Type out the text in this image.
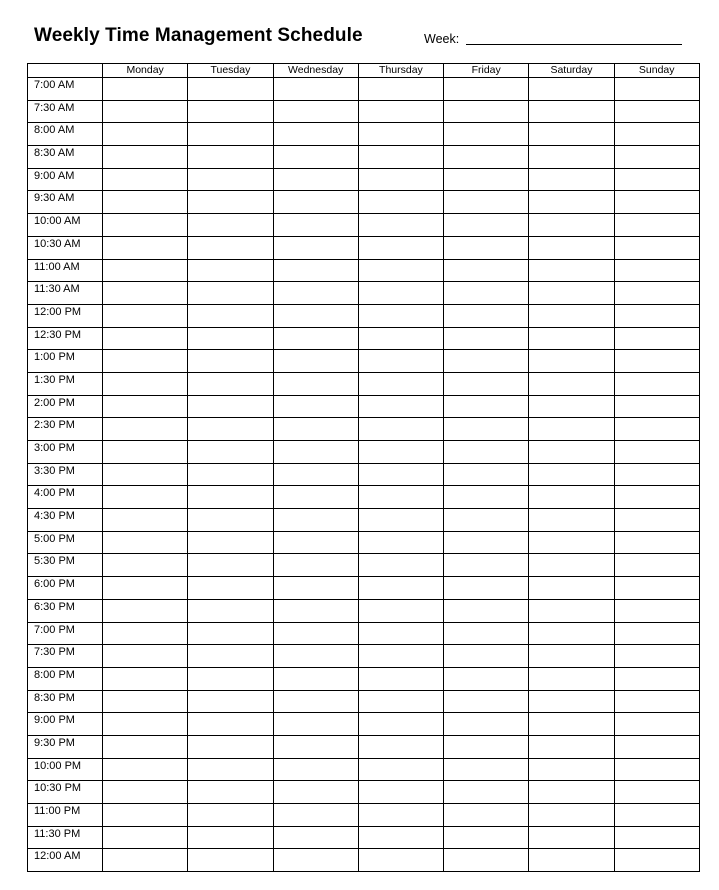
Weekly Time Management Schedule	Week:
	Monday	Tuesday	Wednesday	Thursday	Friday	Saturday	Sunday
7:00 AM							
7:30 AM							
8:00 AM							
8:30 AM							
9:00 AM							
9:30 AM							
10:00 AM							
10:30 AM							
11:00 AM							
11:30 AM							
12:00 PM							
12:30 PM							
1:00 PM							
1:30 PM							
2:00 PM							
2:30 PM							
3:00 PM							
3:30 PM							
4:00 PM							
4:30 PM							
5:00 PM							
5:30 PM							
6:00 PM							
6:30 PM							
7:00 PM							
7:30 PM							
8:00 PM							
8:30 PM							
9:00 PM							
9:30 PM							
10:00 PM							
10:30 PM							
11:00 PM							
11:30 PM							
12:00 AM							
